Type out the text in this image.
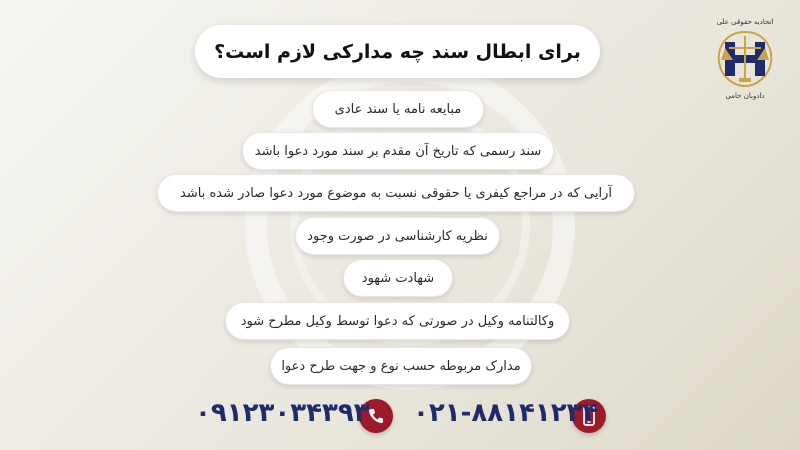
اتحادیه حقوقی علی
دادوبان حامی
برای ابطال سند چه مدارکی لازم است؟
مبایعه نامه یا سند عادی
سند رسمی که تاریخ آن مقدم بر سند مورد دعوا باشد
آرایی که در مراجع کیفری یا حقوقی نسبت به موضوع مورد دعوا صادر شده باشد
نظریه کارشناسی در صورت وجود
شهادت شهود
وکالتنامه وکیل در صورتی که دعوا توسط وکیل مطرح شود
مدارک مربوطه حسب نوع و جهت طرح دعوا
۰۲۱-۸۸۱۴۱۲۳۴
۰۹۱۲۳۰۳۴۳۹۳
